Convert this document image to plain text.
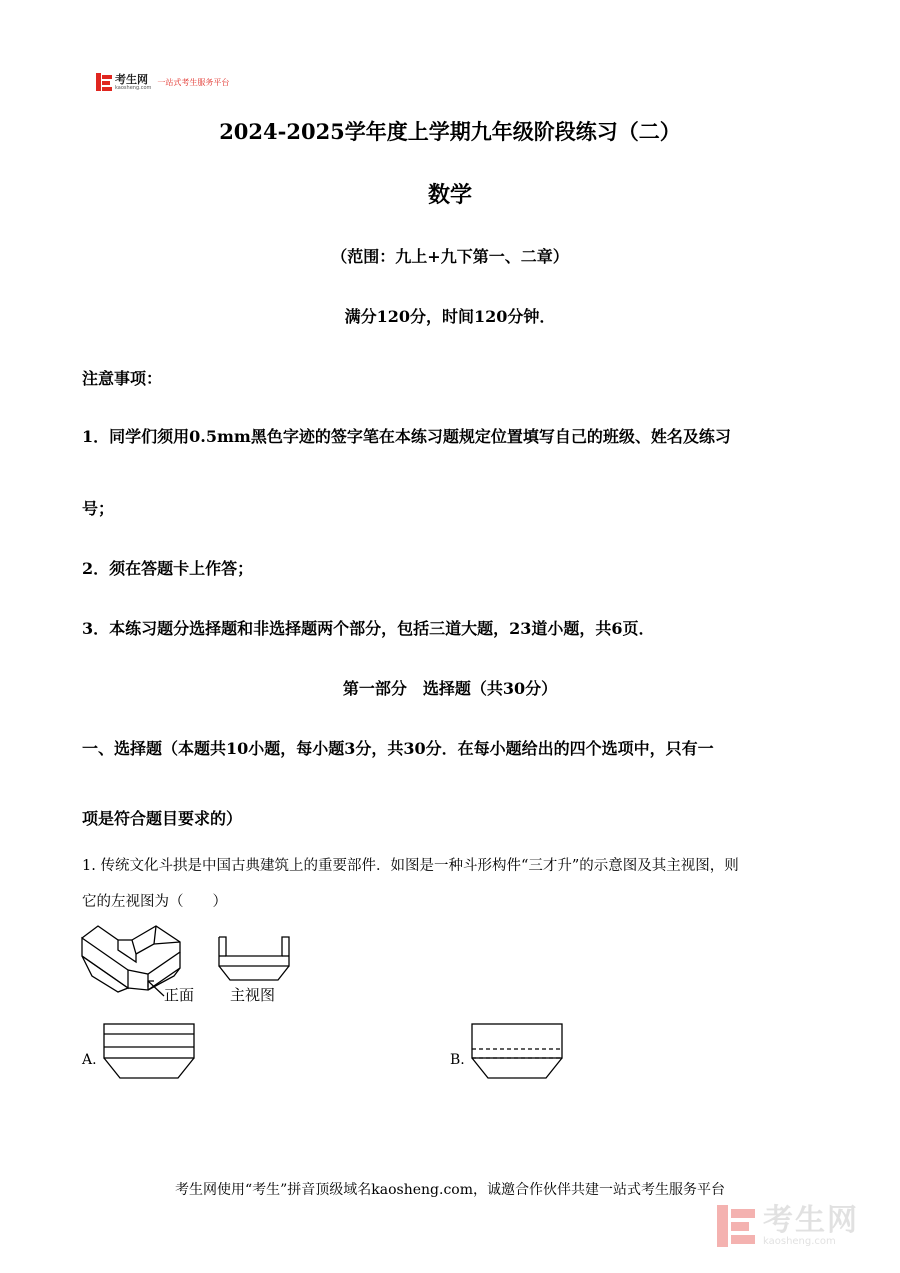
考生网
kaosheng.com
一站式考生服务平台
2024-2025学年度上学期九年级阶段练习（二）
数学
（范围：九上+九下第一、二章）
满分120分，时间120分钟．
注意事项：
1．同学们须用0.5mm黑色字迹的签字笔在本练习题规定位置填写自己的班级、姓名及练习
号；
2．须在答题卡上作答；
3．本练习题分选择题和非选择题两个部分，包括三道大题，23道小题，共6页．
第一部分　选择题（共30分）
一、选择题（本题共10小题，每小题3分，共30分．在每小题给出的四个选项中，只有一
项是符合题目要求的）
1. 传统文化斗拱是中国古典建筑上的重要部件．如图是一种斗形构件“三才升”的示意图及其主视图，则
它的左视图为（　　）
正面 主视图
A.	B.
考生网使用“考生”拼音顶级域名kaosheng.com，诚邀合作伙伴共建一站式考生服务平台
考生网
kaosheng.com
